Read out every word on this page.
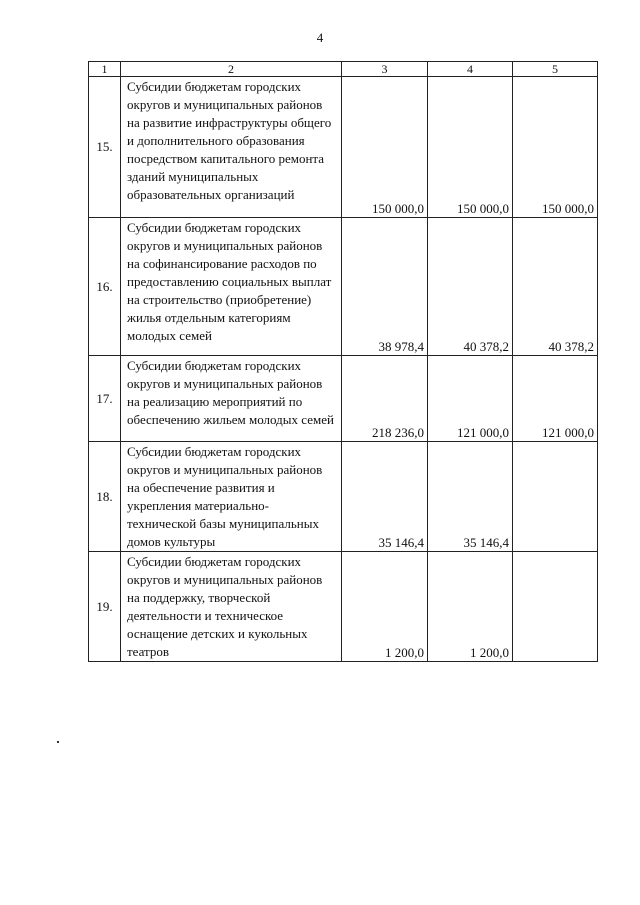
4
1	2	3	4	5
15.	Субсидии бюджетам городских округов и муниципальных районов на развитие инфраструктуры общего и дополнительного образования посредством капитального ремонта зданий муниципальных образовательных организаций	150 000,0	150 000,0	150 000,0
16.	Субсидии бюджетам городских округов и муниципальных районов на софинансирование расходов по предоставлению социальных выплат на строительство (приобретение) жилья отдельным категориям молодых семей	38 978,4	40 378,2	40 378,2
17.	Субсидии бюджетам городских округов и муниципальных районов на реализацию мероприятий по обеспечению жильем молодых семей	218 236,0	121 000,0	121 000,0
18.	Субсидии бюджетам городских округов и муниципальных районов на обеспечение развития и укрепления материально-технической базы муниципальных домов культуры	35 146,4	35 146,4	
19.	Субсидии бюджетам городских округов и муниципальных районов на поддержку, творческой деятельности и техническое оснащение детских и кукольных театров	1 200,0	1 200,0	
